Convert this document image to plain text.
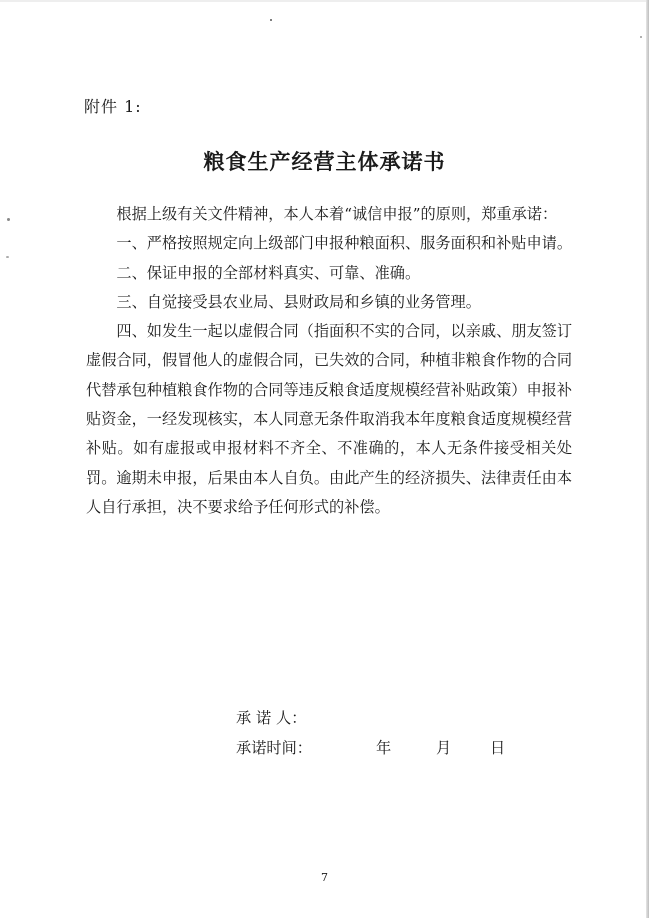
附件 1:
粮食生产经营主体承诺书

根据上级有关文件精神，本人本着“诚信申报”的原则，郑重承诺：

一、严格按照规定向上级部门申报种粮面积、服务面积和补贴申请。

二、保证申报的全部材料真实、可靠、准确。

三、自觉接受县农业局、县财政局和乡镇的业务管理。

四、如发生一起以虚假合同（指面积不实的合同，以亲戚、朋友签订虚假合同，假冒他人的虚假合同，已失效的合同，种植非粮食作物的合同代替承包种植粮食作物的合同等违反粮食适度规模经营补贴政策）申报补贴资金，一经发现核实，本人同意无条件取消我本年度粮食适度规模经营补贴。如有虚报或申报材料不齐全、不准确的，本人无条件接受相关处罚。逾期未申报，后果由本人自负。由此产生的经济损失、法律责任由本人自行承担，决不要求给予任何形式的补偿。

承 诺 人：
承诺时间：	年	月	日
7
